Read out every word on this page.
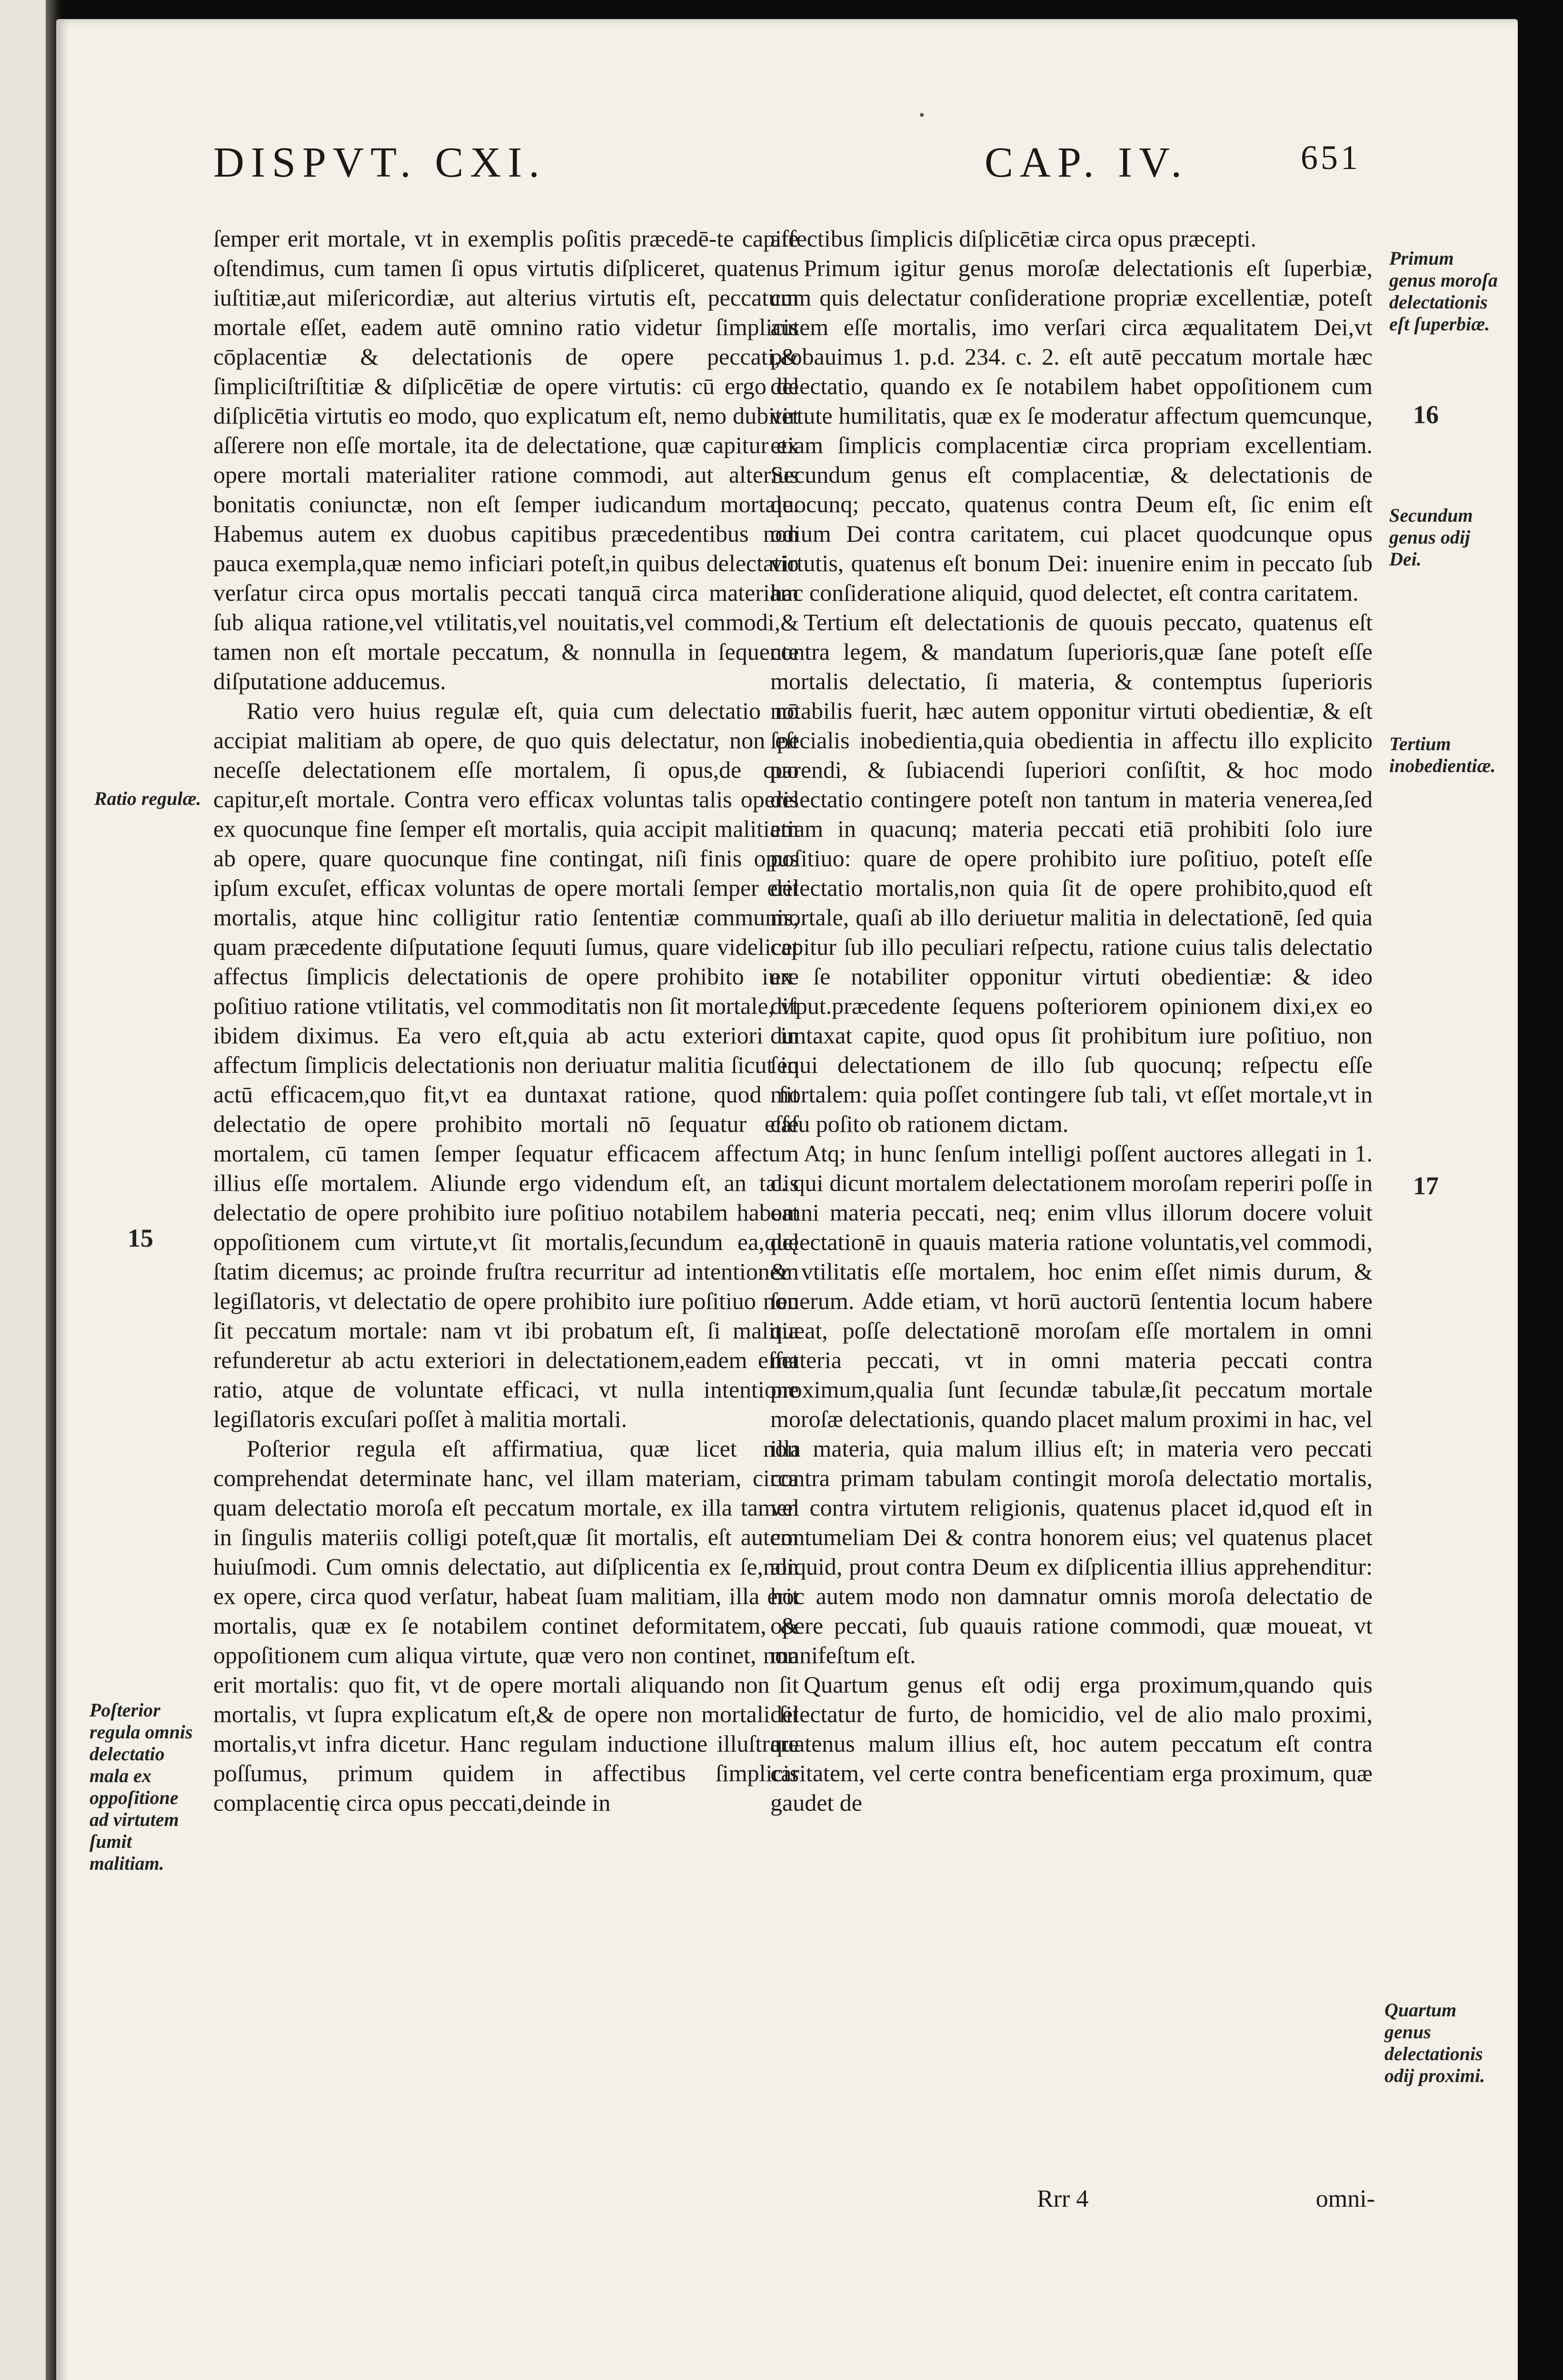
•
DISPVT. CXI.	CAP. IV.	651

ſemper erit mortale, vt in exemplis poſitis præcedē-te capite oſtendimus, cum tamen ſi opus virtutis diſpliceret, quatenus iuſtitiæ,aut miſericordiæ, aut alterius virtutis eſt, peccatum mortale eſſet, eadem autē omnino ratio videtur ſimplicis cōplacentiæ & delectationis de opere peccati,& ſimpliciſtriſtitiæ & diſplicētiæ de opere virtutis: cū ergo de diſplicētia virtutis eo modo, quo explicatum eſt, nemo dubitet aſſerere non eſſe mortale, ita de delectatione, quæ capitur ex opere mortali materialiter ratione commodi, aut alterius bonitatis coniunctæ, non eſt ſemper iudicandum mortale. Habemus autem ex duobus capitibus præcedentibus non pauca exempla,quæ nemo inficiari poteſt,in quibus delectatio verſatur circa opus mortalis peccati tanquā circa materiam ſub aliqua ratione,vel vtilitatis,vel nouitatis,vel commodi,& tamen non eſt mortale peccatum, & nonnulla in ſequente diſputatione adducemus.

Ratio vero huius regulæ eſt, quia cum delectatio nō accipiat malitiam ab opere, de quo quis delectatur, non eſt neceſſe delectationem eſſe mortalem, ſi opus,de quo capitur,eſt mortale. Contra vero efficax voluntas talis operis ex quocunque fine ſemper eſt mortalis, quia accipit malitiam ab opere, quare quocunque fine contingat, niſi finis opus ipſum excuſet, efficax voluntas de opere mortali ſemper erit mortalis, atque hinc colligitur ratio ſententiæ communis, quam præcedente diſputatione ſequuti ſumus, quare videlicet affectus ſimplicis delectationis de opere prohibito iure poſitiuo ratione vtilitatis, vel commoditatis non ſit mortale, vt ibidem diximus. Ea vero eſt,quia ab actu exteriori in affectum ſimplicis delectationis non deriuatur malitia ſicut in actū efficacem,quo fit,vt ea duntaxat ratione, quod ſit delectatio de opere prohibito mortali nō ſequatur eſſe mortalem, cū tamen ſemper ſequatur efficacem affectum illius eſſe mortalem. Aliunde ergo videndum eſt, an talis delectatio de opere prohibito iure poſitiuo notabilem habeat oppoſitionem cum virtute,vt ſit mortalis,ſecundum ea,quę ſtatim dicemus; ac proinde fruſtra recurritur ad intentionem legiſlatoris, vt delectatio de opere prohibito iure poſitiuo non ſit peccatum mortale: nam vt ibi probatum eſt, ſi malitia refunderetur ab actu exteriori in delectationem,eadem eſſet ratio, atque de voluntate efficaci, vt nulla intentione legiſlatoris excuſari poſſet à malitia mortali.

Poſterior regula eſt affirmatiua, quæ licet non comprehendat determinate hanc, vel illam materiam, circa quam delectatio moroſa eſt peccatum mortale, ex illa tamen in ſingulis materiis colligi poteſt,quæ ſit mortalis, eſt autem huiuſmodi. Cum omnis delectatio, aut diſplicentia ex ſe,non ex opere, circa quod verſatur, habeat ſuam malitiam, illa erit mortalis, quæ ex ſe notabilem continet deformitatem, & oppoſitionem cum aliqua virtute, quæ vero non continet, non erit mortalis: quo fit, vt de opere mortali aliquando non ſit mortalis, vt ſupra explicatum eſt,& de opere non mortali ſit mortalis,vt infra dicetur. Hanc regulam inductione illuſtrare poſſumus, primum quidem in affectibus ſimplicis complacentię circa opus peccati,deinde in

affectibus ſimplicis diſplicētiæ circa opus præcepti.

Primum igitur genus moroſæ delectationis eſt ſuperbiæ, cum quis delectatur conſideratione propriæ excellentiæ, poteſt autem eſſe mortalis, imo verſari circa æqualitatem Dei,vt probauimus 1. p.d. 234. c. 2. eſt autē peccatum mortale hæc delectatio, quando ex ſe notabilem habet oppoſitionem cum virtute humilitatis, quæ ex ſe moderatur affectum quemcunque, etiam ſimplicis complacentiæ circa propriam excellentiam. Secundum genus eſt complacentiæ, & delectationis de quocunq; peccato, quatenus contra Deum eſt, ſic enim eſt odium Dei contra caritatem, cui placet quodcunque opus virtutis, quatenus eſt bonum Dei: inuenire enim in peccato ſub hac conſideratione aliquid, quod delectet, eſt contra caritatem.

Tertium eſt delectationis de quouis peccato, quatenus eſt contra legem, & mandatum ſuperioris,quæ ſane poteſt eſſe mortalis delectatio, ſi materia, & contemptus ſuperioris notabilis fuerit, hæc autem opponitur virtuti obedientiæ, & eſt ſpecialis inobedientia,quia obedientia in affectu illo explicito parendi, & ſubiacendi ſuperiori conſiſtit, & hoc modo delectatio contingere poteſt non tantum in materia venerea,ſed etiam in quacunq; materia peccati etiā prohibiti ſolo iure poſitiuo: quare de opere prohibito iure poſitiuo, poteſt eſſe delectatio mortalis,non quia ſit de opere prohibito,quod eſt mortale, quaſi ab illo deriuetur malitia in delectationē, ſed quia capitur ſub illo peculiari reſpectu, ratione cuius talis delectatio ex ſe notabiliter opponitur virtuti obedientiæ: & ideo diſput.præcedente ſequens poſteriorem opinionem dixi,ex eo duntaxat capite, quod opus ſit prohibitum iure poſitiuo, non ſequi delectationem de illo ſub quocunq; reſpectu eſſe mortalem: quia poſſet contingere ſub tali, vt eſſet mortale,vt in caſu poſito ob rationem dictam.

Atq; in hunc ſenſum intelligi poſſent auctores allegati in 1. c. qui dicunt mortalem delectationem moroſam reperiri poſſe in omni materia peccati, neq; enim vllus illorum docere voluit delectationē in quauis materia ratione voluntatis,vel commodi, & vtilitatis eſſe mortalem, hoc enim eſſet nimis durum, & ſeuerum. Adde etiam, vt horū auctorū ſententia locum habere queat, poſſe delectationē moroſam eſſe mortalem in omni materia peccati, vt in omni materia peccati contra proximum,qualia ſunt ſecundæ tabulæ,ſit peccatum mortale moroſæ delectationis, quando placet malum proximi in hac, vel illa materia, quia malum illius eſt; in materia vero peccati contra primam tabulam contingit moroſa delectatio mortalis, vel contra virtutem religionis, quatenus placet id,quod eſt in contumeliam Dei & contra honorem eius; vel quatenus placet aliquid, prout contra Deum ex diſplicentia illius apprehenditur: hoc autem modo non damnatur omnis moroſa delectatio de opere peccati, ſub quauis ratione commodi, quæ moueat, vt manifeſtum eſt.

Quartum genus eſt odij erga proximum,quando quis delectatur de furto, de homicidio, vel de alio malo proximi, quatenus malum illius eſt, hoc autem peccatum eſt contra caritatem, vel certe contra beneficentiam erga proximum, quæ gaudet de

Ratio regulæ.
15
Poſterior regula omnis delectatio mala ex oppoſitione ad virtutem ſumit malitiam.
Primum genus moroſa delectationis eſt ſuperbiæ.
16
Secundum genus odij Dei.
Tertium inobedientiæ.
17
Quartum genus delectationis odij proximi.
Rrr 4	omni-
